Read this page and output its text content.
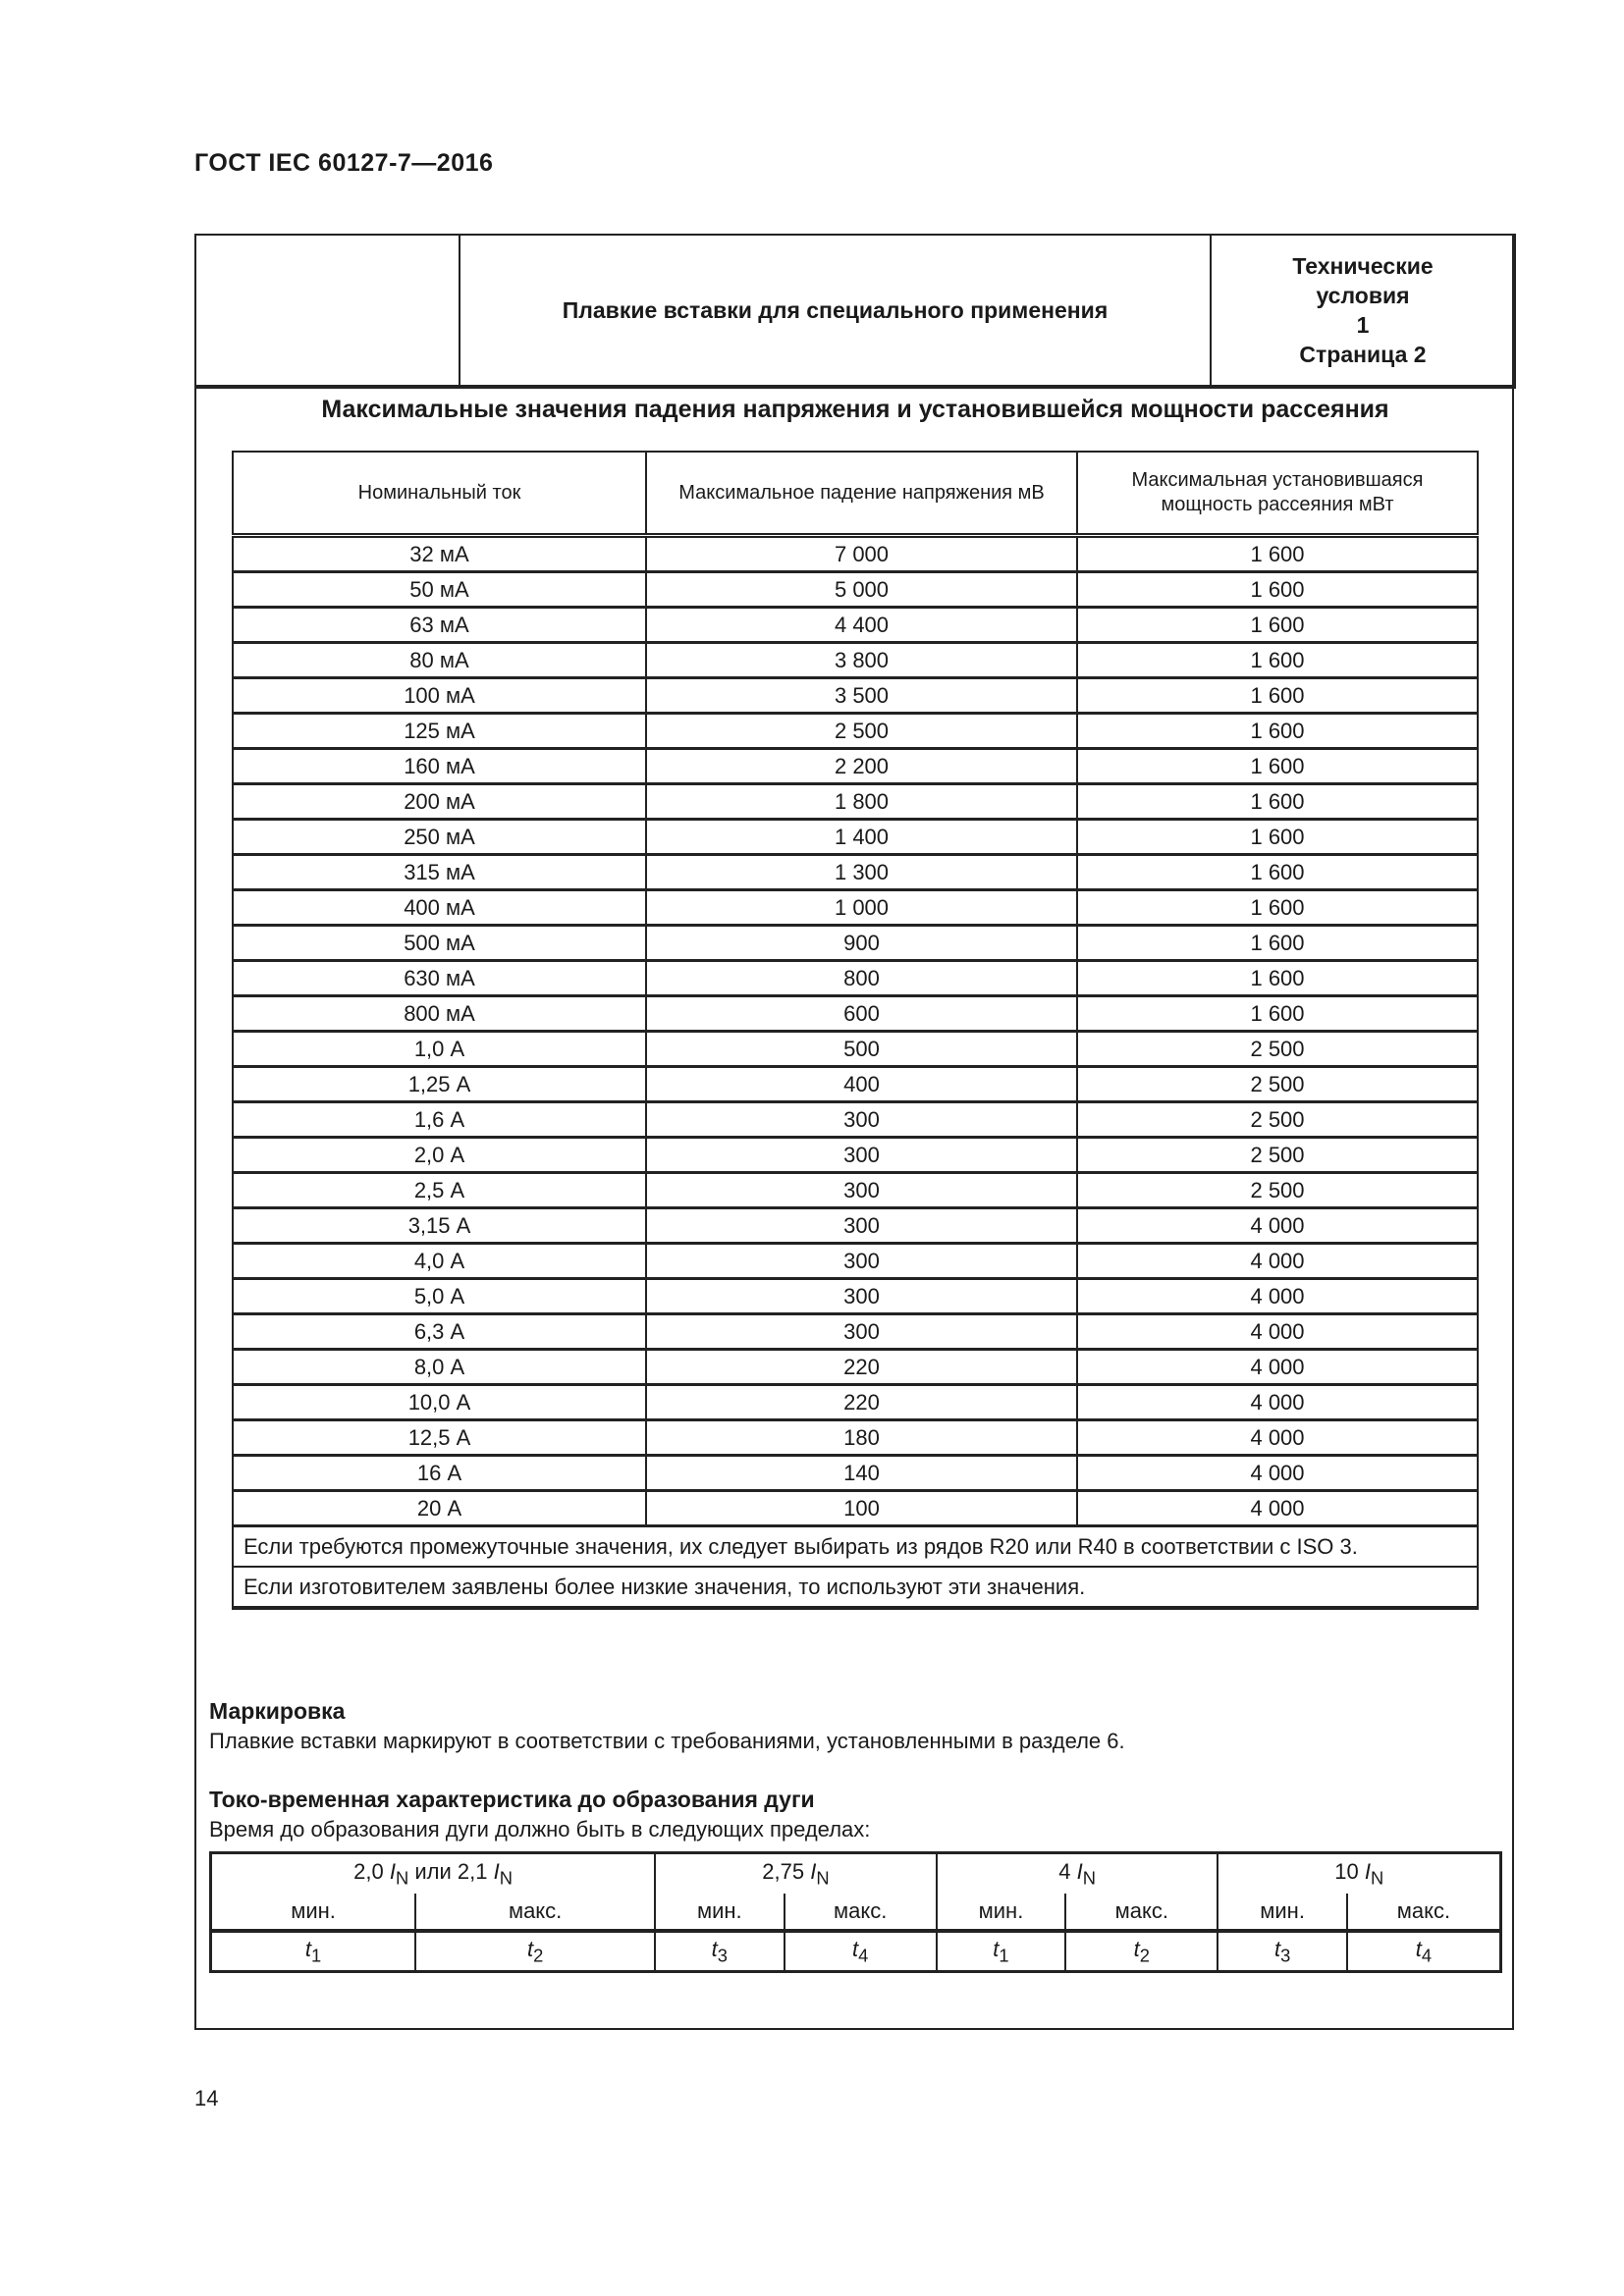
ГОСТ IEC 60127-7—2016
	Плавкие вставки для специального применения	
Технические
условия
1
Страница 2
Максимальные значения падения напряжения и установившейся мощности рассеяния
Номинальный ток	Максимальное падение напряжения мВ	Максимальная установившаяся мощность рассеяния мВт
32 мА	7 000	1 600
50 мА	5 000	1 600
63 мА	4 400	1 600
80 мА	3 800	1 600
100 мА	3 500	1 600
125 мА	2 500	1 600
160 мА	2 200	1 600
200 мА	1 800	1 600
250 мА	1 400	1 600
315 мА	1 300	1 600
400 мА	1 000	1 600
500 мА	900	1 600
630 мА	800	1 600
800 мА	600	1 600
1,0 А	500	2 500
1,25 А	400	2 500
1,6 А	300	2 500
2,0 А	300	2 500
2,5 А	300	2 500
3,15 А	300	4 000
4,0 А	300	4 000
5,0 А	300	4 000
6,3 А	300	4 000
8,0 А	220	4 000
10,0 А	220	4 000
12,5 А	180	4 000
16 А	140	4 000
20 А	100	4 000
Если требуются промежуточные значения, их следует выбирать из рядов R20 или R40 в соответствии с ISO 3.		
Если изготовителем заявлены более низкие значения, то используют эти значения.		
Маркировка
Плавкие вставки маркируют в соответствии с требованиями, установленными в разделе 6.
Токо-временная характеристика до образования дуги
Время до образования дуги должно быть в следующих пределах:
2,0 $I_N$ или 2,1 $I_N$		2,75 $I_N$		4 $I_N$		10 $I_N$
мин.	макс.	мин.	макс.	мин.	макс.	мин.	макс.
$t_1$	$t_2$	$t_3$	$t_4$	$t_1$	$t_2$	$t_3$	$t_4$
14
